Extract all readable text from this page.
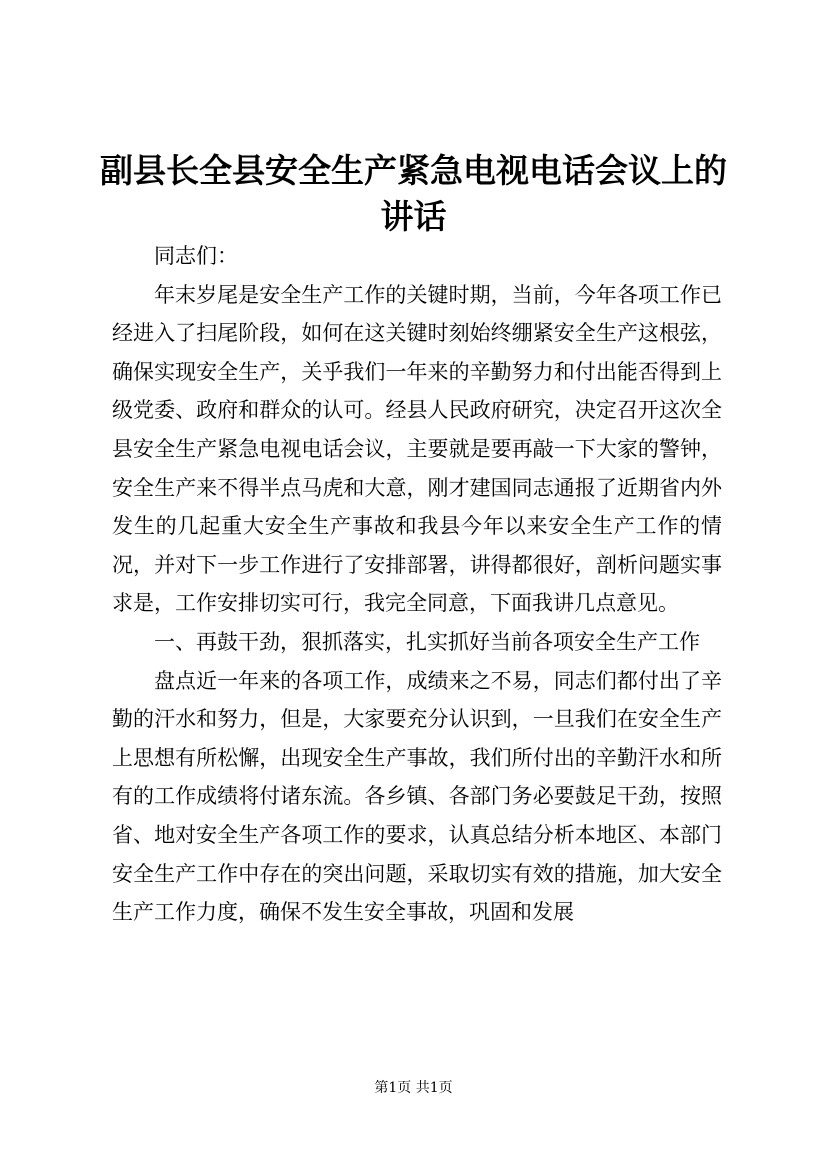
副县长全县安全生产紧急电视电话会议上的讲话

同志们：

年末岁尾是安全生产工作的关键时期，当前，今年各项工作已经进入了扫尾阶段，如何在这关键时刻始终绷紧安全生产这根弦，确保实现安全生产，关乎我们一年来的辛勤努力和付出能否得到上级党委、政府和群众的认可。经县人民政府研究，决定召开这次全县安全生产紧急电视电话会议，主要就是要再敲一下大家的警钟，安全生产来不得半点马虎和大意，刚才建国同志通报了近期省内外发生的几起重大安全生产事故和我县今年以来安全生产工作的情况，并对下一步工作进行了安排部署，讲得都很好，剖析问题实事求是，工作安排切实可行，我完全同意，下面我讲几点意见。

一、再鼓干劲，狠抓落实，扎实抓好当前各项安全生产工作

盘点近一年来的各项工作，成绩来之不易，同志们都付出了辛勤的汗水和努力，但是，大家要充分认识到，一旦我们在安全生产上思想有所松懈，出现安全生产事故，我们所付出的辛勤汗水和所有的工作成绩将付诸东流。各乡镇、各部门务必要鼓足干劲，按照省、地对安全生产各项工作的要求，认真总结分析本地区、本部门安全生产工作中存在的突出问题，采取切实有效的措施，加大安全生产工作力度，确保不发生安全事故，巩固和发展

第1页 共1页
